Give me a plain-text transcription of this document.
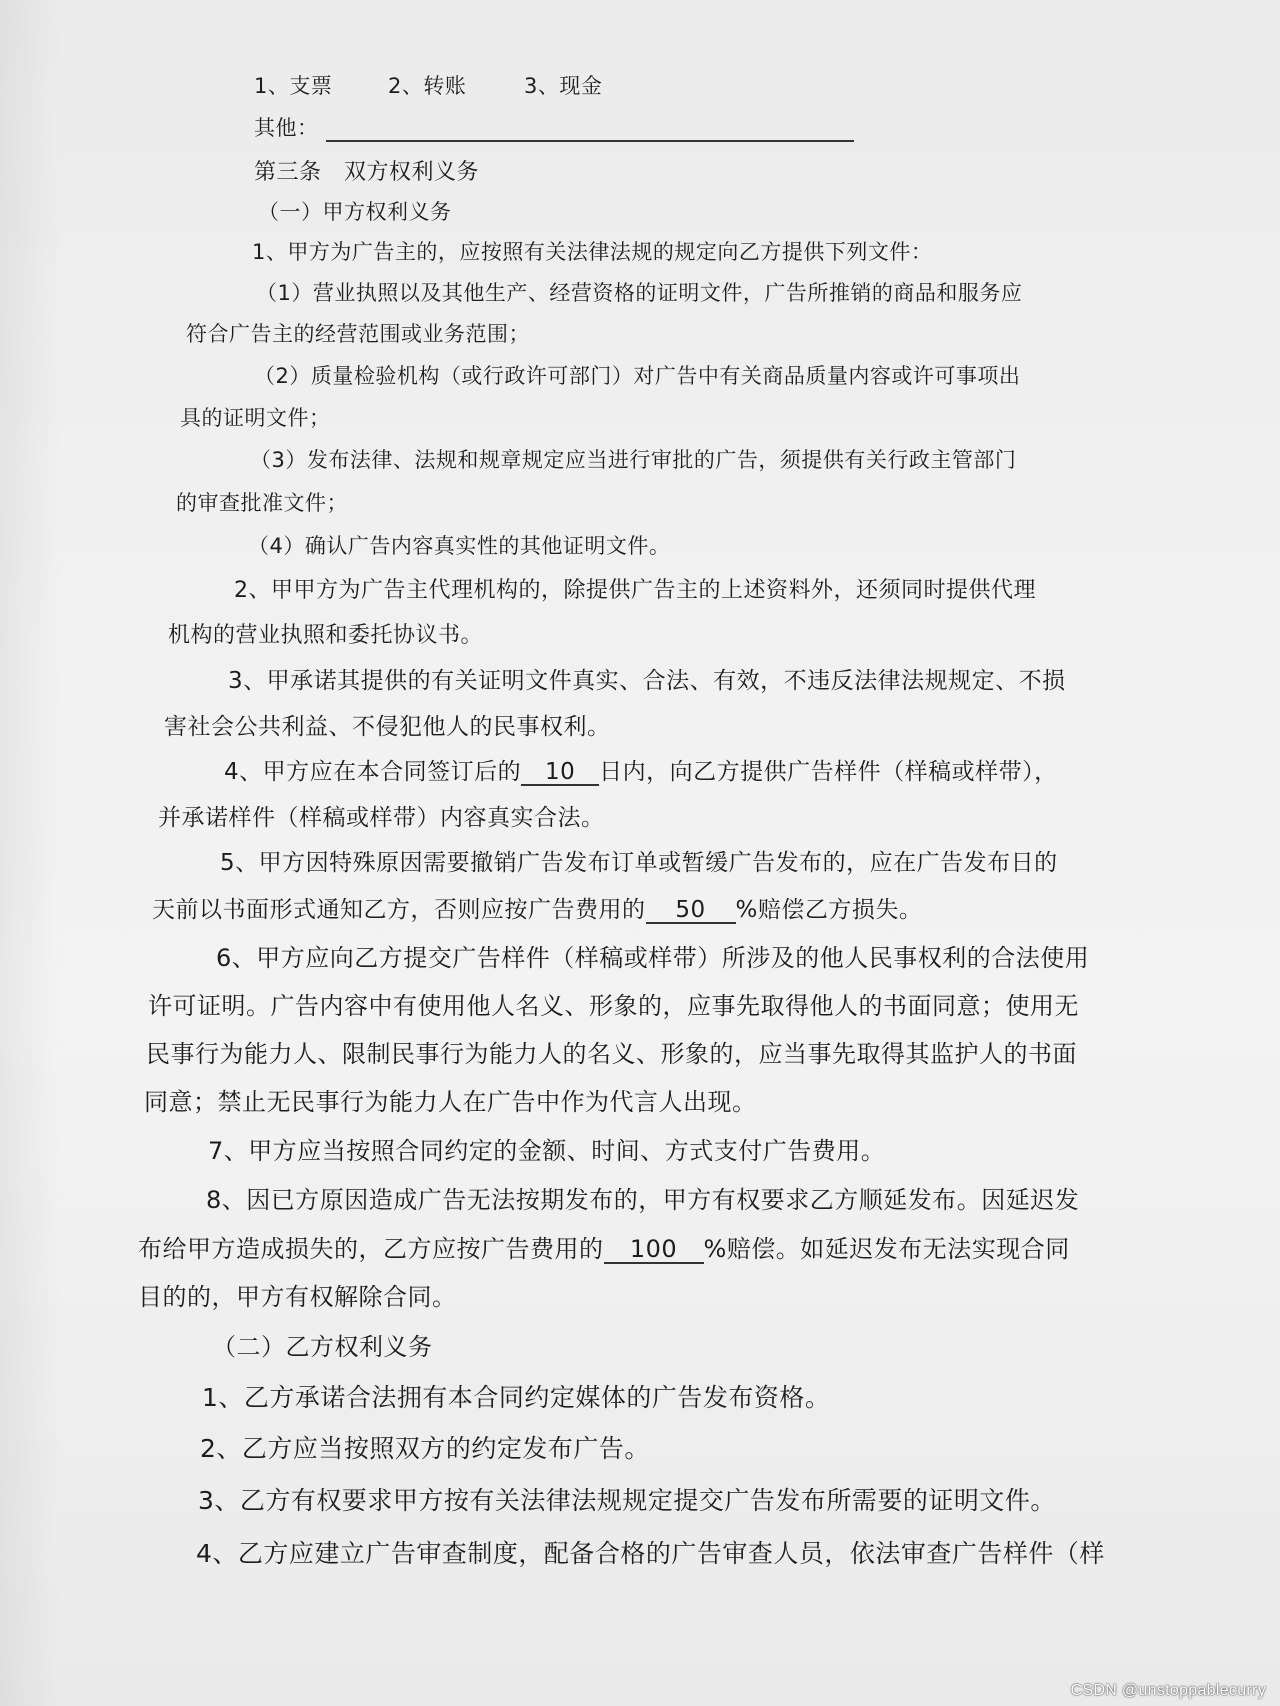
1、支票	2、转账	3、现金
其他：
第三条　双方权利义务
（一）甲方权利义务
1、甲方为广告主的，应按照有关法律法规的规定向乙方提供下列文件：
（1）营业执照以及其他生产、经营资格的证明文件，广告所推销的商品和服务应
符合广告主的经营范围或业务范围；
（2）质量检验机构（或行政许可部门）对广告中有关商品质量内容或许可事项出
具的证明文件；
（3）发布法律、法规和规章规定应当进行审批的广告，须提供有关行政主管部门
的审查批准文件；
（4）确认广告内容真实性的其他证明文件。
2、甲甲方为广告主代理机构的，除提供广告主的上述资料外，还须同时提供代理
机构的营业执照和委托协议书。
3、甲承诺其提供的有关证明文件真实、合法、有效，不违反法律法规规定、不损
害社会公共利益、不侵犯他人的民事权利。
4、甲方应在本合同签订后的 10 日内，向乙方提供广告样件（样稿或样带），
并承诺样件（样稿或样带）内容真实合法。
5、甲方因特殊原因需要撤销广告发布订单或暂缓广告发布的，应在广告发布日的
天前以书面形式通知乙方，否则应按广告费用的 50 %赔偿乙方损失。
6、甲方应向乙方提交广告样件（样稿或样带）所涉及的他人民事权利的合法使用
许可证明。广告内容中有使用他人名义、形象的，应事先取得他人的书面同意；使用无
民事行为能力人、限制民事行为能力人的名义、形象的，应当事先取得其监护人的书面
同意；禁止无民事行为能力人在广告中作为代言人出现。
7、甲方应当按照合同约定的金额、时间、方式支付广告费用。
8、因已方原因造成广告无法按期发布的，甲方有权要求乙方顺延发布。因延迟发
布给甲方造成损失的，乙方应按广告费用的 100 %赔偿。如延迟发布无法实现合同
目的的，甲方有权解除合同。
（二）乙方权利义务
1、乙方承诺合法拥有本合同约定媒体的广告发布资格。
2、乙方应当按照双方的约定发布广告。
3、乙方有权要求甲方按有关法律法规规定提交广告发布所需要的证明文件。
4、乙方应建立广告审查制度，配备合格的广告审查人员，依法审查广告样件（样
CSDN @unstoppablecurry
